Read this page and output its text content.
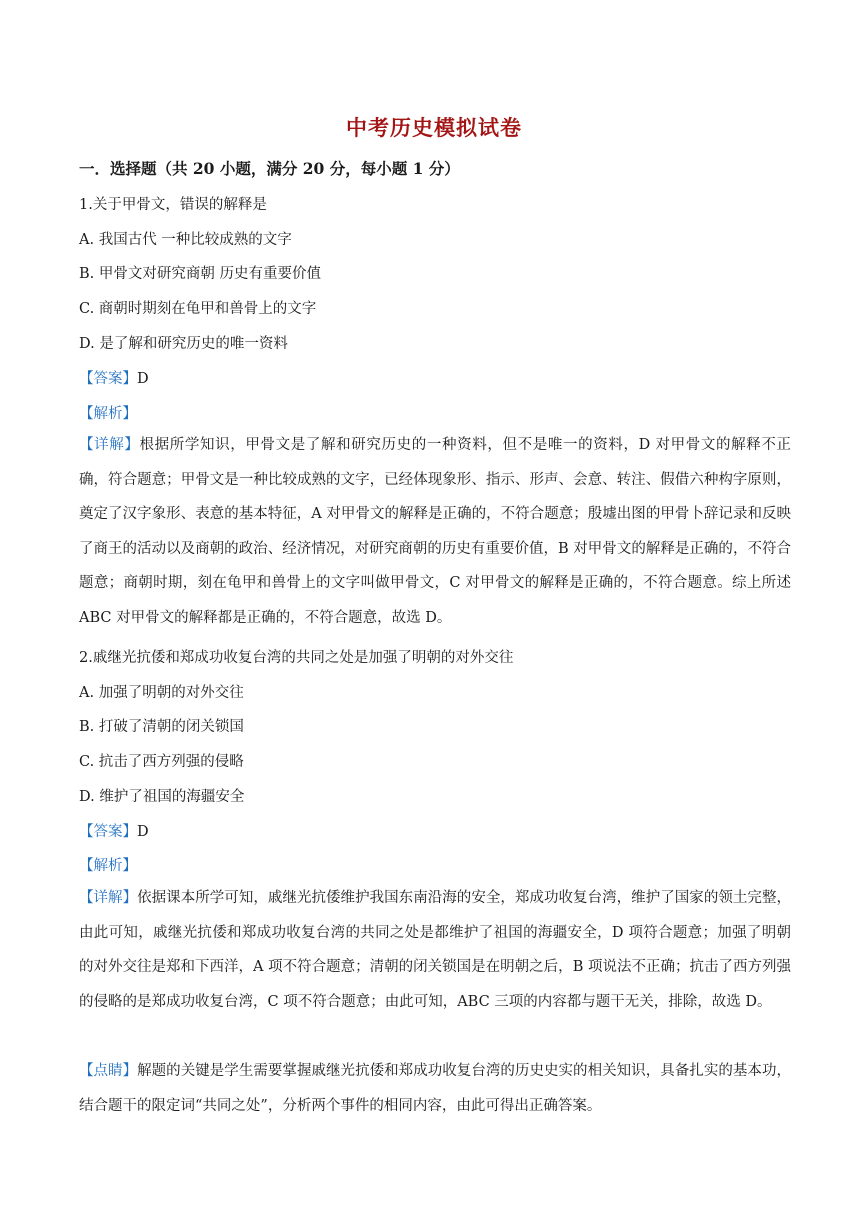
中考历史模拟试卷
一．选择题（共 20 小题，满分 20 分，每小题 1 分）
1.关于甲骨文，错误的解释是
A. 我国古代 一种比较成熟的文字
B. 甲骨文对研究商朝 历史有重要价值
C. 商朝时期刻在龟甲和兽骨上的文字
D. 是了解和研究历史的唯一资料
【答案】D
【解析】
【详解】根据所学知识，甲骨文是了解和研究历史的一种资料，但不是唯一的资料，D 对甲骨文的解释不正确，符合题意；甲骨文是一种比较成熟的文字，已经体现象形、指示、形声、会意、转注、假借六种构字原则，奠定了汉字象形、表意的基本特征，A 对甲骨文的解释是正确的，不符合题意；殷墟出图的甲骨卜辞记录和反映了商王的活动以及商朝的政治、经济情况，对研究商朝的历史有重要价值，B 对甲骨文的解释是正确的，不符合题意；商朝时期，刻在龟甲和兽骨上的文字叫做甲骨文，C 对甲骨文的解释是正确的，不符合题意。综上所述 ABC 对甲骨文的解释都是正确的，不符合题意，故选 D。
2.戚继光抗倭和郑成功收复台湾的共同之处是加强了明朝的对外交往
A. 加强了明朝的对外交往
B. 打破了清朝的闭关锁国
C. 抗击了西方列强的侵略
D. 维护了祖国的海疆安全
【答案】D
【解析】
【详解】依据课本所学可知，戚继光抗倭维护我国东南沿海的安全，郑成功收复台湾，维护了国家的领土完整，由此可知，戚继光抗倭和郑成功收复台湾的共同之处是都维护了祖国的海疆安全，D 项符合题意；加强了明朝的对外交往是郑和下西洋，A 项不符合题意；清朝的闭关锁国是在明朝之后，B 项说法不正确；抗击了西方列强的侵略的是郑成功收复台湾，C 项不符合题意；由此可知，ABC 三项的内容都与题干无关，排除，故选 D。
【点睛】解题的关键是学生需要掌握戚继光抗倭和郑成功收复台湾的历史史实的相关知识，具备扎实的基本功，结合题干的限定词“共同之处”，分析两个事件的相同内容，由此可得出正确答案。
